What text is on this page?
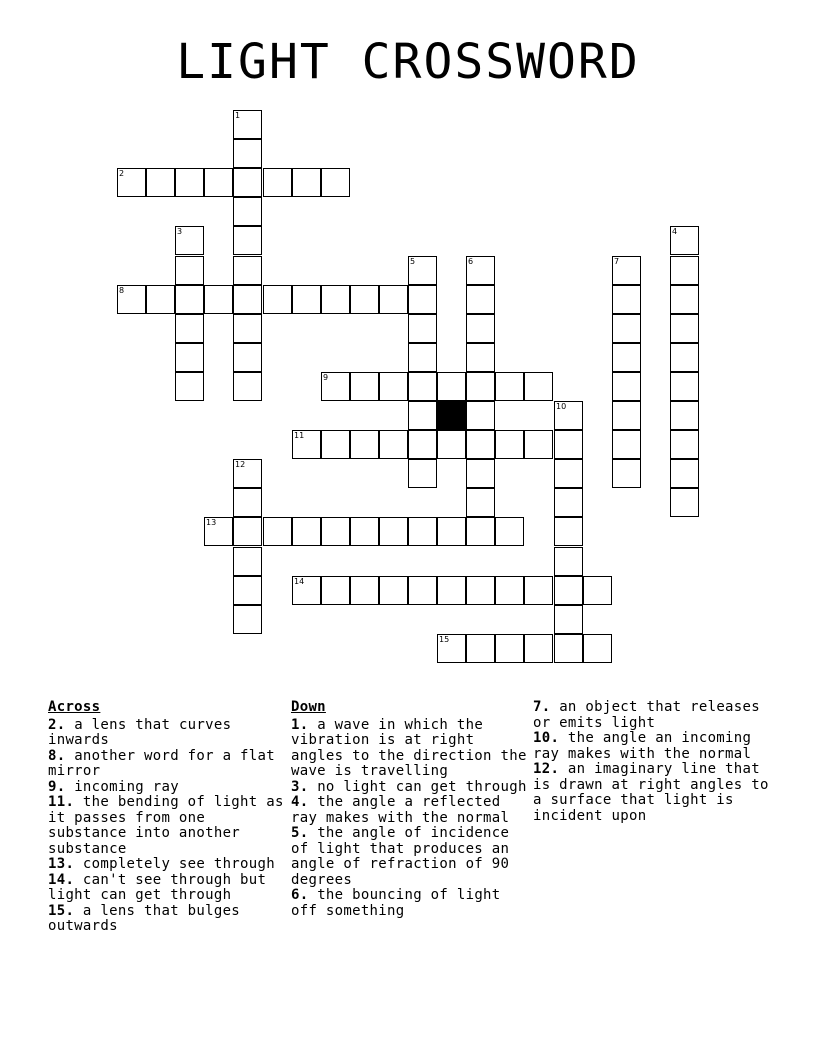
LIGHT CROSSWORD
1
2
3	4
5	6	7
8
9
10
11
12
13
14
15
Across
2. a lens that curves inwards
8. another word for a flat mirror
9. incoming ray
11. the bending of light as it passes from one substance into another substance
13. completely see through
14. can't see through but light can get through
15. a lens that bulges outwards
Down
1. a wave in which the vibration is at right angles to the direction the wave is travelling
3. no light can get through
4. the angle a reflected ray makes with the normal
5. the angle of incidence of light that produces an angle of refraction of 90 degrees
6. the bouncing of light off something
7. an object that releases or emits light
10. the angle an incoming ray makes with the normal
12. an imaginary line that is drawn at right angles to a surface that light is incident upon
